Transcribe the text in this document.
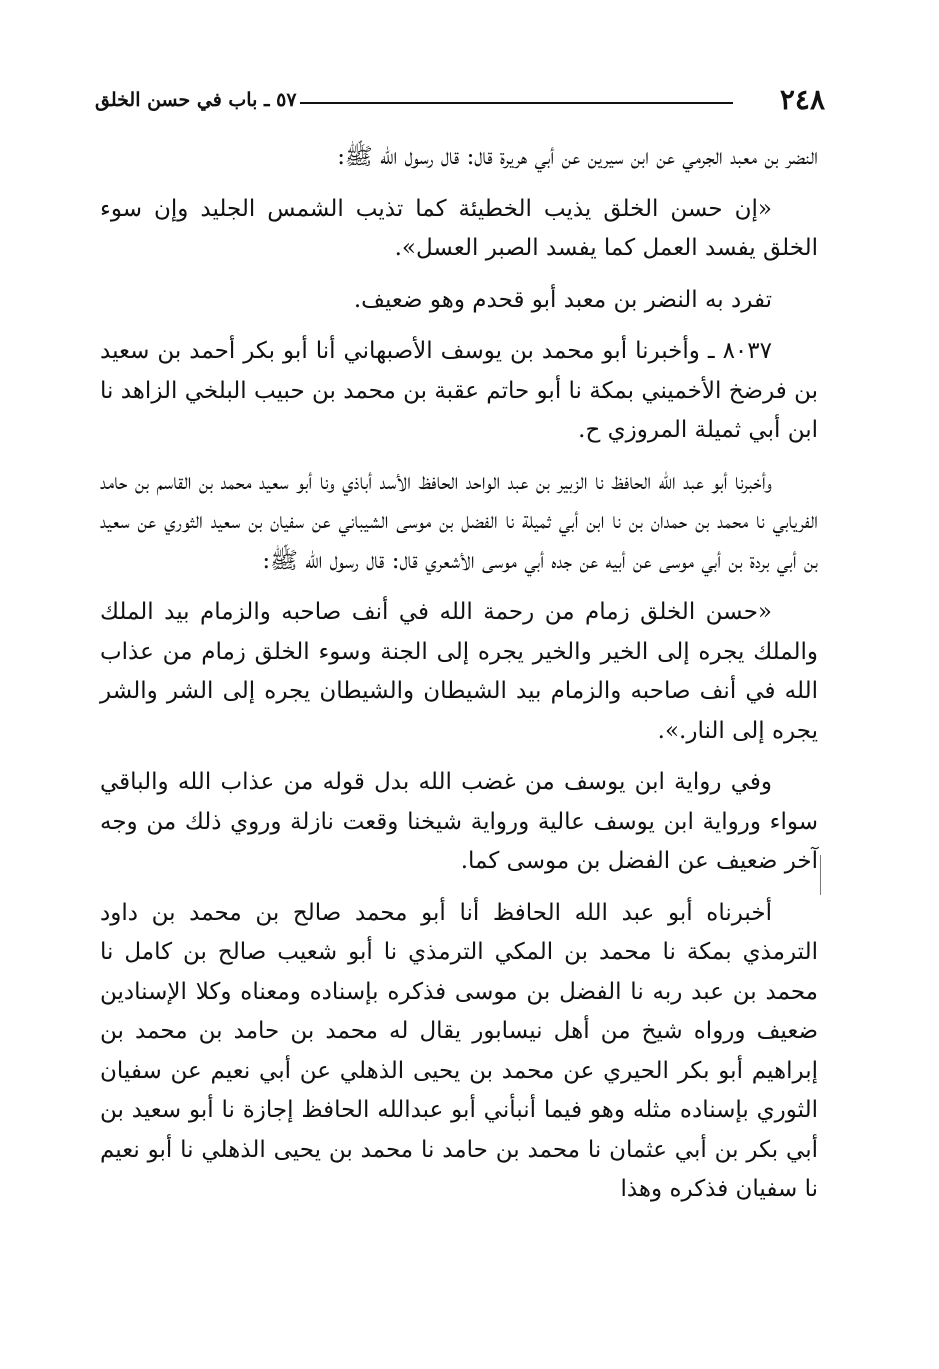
٢٤٨
٥٧ ـ باب في حسن الخلق

النضر بن معبد الجرمي عن ابن سيرين عن أبي هريرة قال: قال رسول الله ﷺ:

«إن حسن الخلق يذيب الخطيئة كما تذيب الشمس الجليد وإن سوء الخلق يفسد العمل كما يفسد الصبر العسل».

تفرد به النضر بن معبد أبو قحدم وهو ضعيف.

٨٠٣٧ ـ وأخبرنا أبو محمد بن يوسف الأصبهاني أنا أبو بكر أحمد بن سعيد بن فرضخ الأخميني بمكة نا أبو حاتم عقبة بن محمد بن حبيب البلخي الزاهد نا ابن أبي ثميلة المروزي ح.

وأخبرنا أبو عبد الله الحافظ نا الزبير بن عبد الواحد الحافظ الأسد أباذي ونا أبو سعيد محمد بن القاسم بن حامد الفريابي نا محمد بن حمدان بن نا ابن أبي ثميلة نا الفضل بن موسى الشيباني عن سفيان بن سعيد الثوري عن سعيد بن أبي بردة بن أبي موسى عن أبيه عن جده أبي موسى الأشعري قال: قال رسول الله ﷺ:

«حسن الخلق زمام من رحمة الله في أنف صاحبه والزمام بيد الملك والملك يجره إلى الخير والخير يجره إلى الجنة وسوء الخلق زمام من عذاب الله في أنف صاحبه والزمام بيد الشيطان والشيطان يجره إلى الشر والشر يجره إلى النار.».

وفي رواية ابن يوسف من غضب الله بدل قوله من عذاب الله والباقي سواء ورواية ابن يوسف عالية ورواية شيخنا وقعت نازلة وروي ذلك من وجه آخر ضعيف عن الفضل بن موسى كما.

أخبرناه أبو عبد الله الحافظ أنا أبو محمد صالح بن محمد بن داود الترمذي بمكة نا محمد بن المكي الترمذي نا أبو شعيب صالح بن كامل نا محمد بن عبد ربه نا الفضل بن موسى فذكره بإسناده ومعناه وكلا الإسنادين ضعيف ورواه شيخ من أهل نيسابور يقال له محمد بن حامد بن محمد بن إبراهيم أبو بكر الحيري عن محمد بن يحيى الذهلي عن أبي نعيم عن سفيان الثوري بإسناده مثله وهو فيما أنبأني أبو عبدالله الحافظ إجازة نا أبو سعيد بن أبي بكر بن أبي عثمان نا محمد بن حامد نا محمد بن يحيى الذهلي نا أبو نعيم نا سفيان فذكره وهذا
